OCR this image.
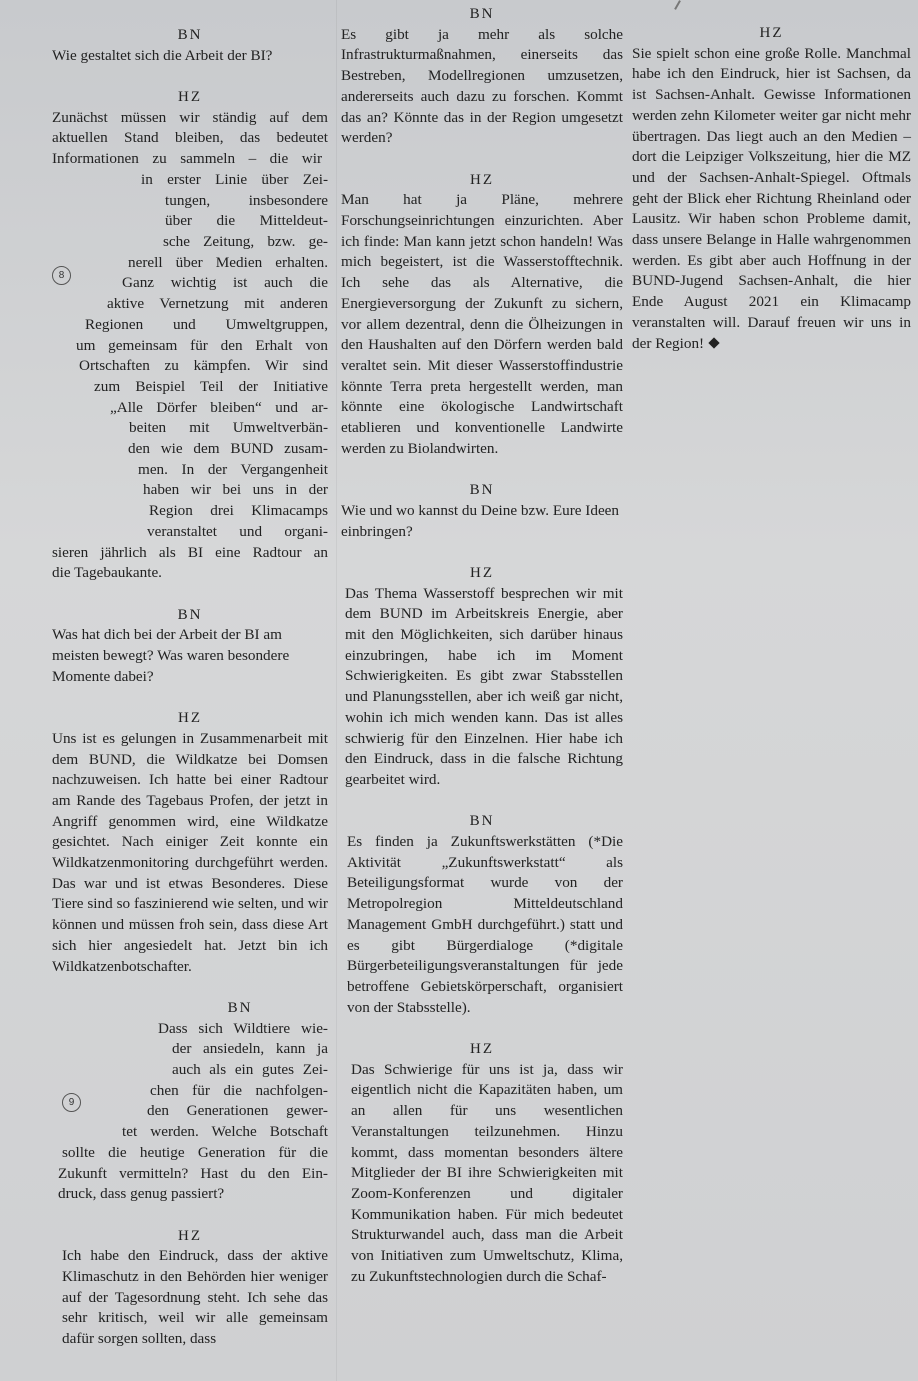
BN

Wie gestaltet sich die Arbeit der BI?

HZ

Zunächst müssen wir ständig auf dem

aktuellen Stand bleiben, das bedeutet

Informationen zu sammeln – die wir

in erster Linie über Zei-

tungen, insbesondere

über die Mitteldeut-

sche Zeitung, bzw. ge-

nerell über Medien erhalten.

Ganz wichtig ist auch die

aktive Vernetzung mit anderen

Regionen und Umweltgruppen,

um gemeinsam für den Erhalt von

Ortschaften zu kämpfen. Wir sind

zum Beispiel Teil der Initiative

„Alle Dörfer bleiben“ und ar-

beiten mit Umweltverbän-

den wie dem BUND zusam-

men. In der Vergangenheit

haben wir bei uns in der

Region drei Klimacamps

veranstaltet und organi-

8

sieren jährlich als BI eine Radtour an

die Tagebaukante.

BN

Was hat dich bei der Arbeit der BI am meisten bewegt? Was waren besondere Momente dabei?

HZ

Uns ist es gelungen in Zusammenarbeit mit dem BUND, die Wildkatze bei Domsen nachzuweisen. Ich hatte bei einer Radtour am Rande des Tagebaus Profen, der jetzt in Angriff genommen wird, eine Wildkatze gesichtet. Nach einiger Zeit konnte ein Wildkatzenmonitoring durchgeführt werden. Das war und ist etwas Besonderes. Diese Tiere sind so faszinierend wie selten, und wir können und müssen froh sein, dass diese Art sich hier angesiedelt hat. Jetzt bin ich Wildkatzenbotschafter.

BN

Dass sich Wildtiere wie-

der ansiedeln, kann ja

auch als ein gutes Zei-

chen für die nachfolgen-

den Generationen gewer-

tet werden. Welche Botschaft

9

sollte die heutige Generation für die

Zukunft vermitteln? Hast du den Ein-

druck, dass genug passiert?

HZ

Ich habe den Eindruck, dass der aktive Klimaschutz in den Behörden hier weniger auf der Tagesordnung steht. Ich sehe das sehr kritisch, weil wir alle gemeinsam dafür sorgen sollten, dass

BN

Es gibt ja mehr als solche Infrastrukturmaßnahmen, einerseits das Bestreben, Modellregionen umzusetzen, andererseits auch dazu zu forschen. Kommt das an? Könnte das in der Region umgesetzt werden?

HZ

Man hat ja Pläne, mehrere Forschungseinrichtungen einzurichten. Aber ich finde: Man kann jetzt schon handeln! Was mich begeistert, ist die Wasserstofftechnik. Ich sehe das als Alternative, die Energieversorgung der Zukunft zu sichern, vor allem dezentral, denn die Ölheizungen in den Haushalten auf den Dörfern werden bald veraltet sein. Mit dieser Wasserstoffindustrie könnte Terra preta hergestellt werden, man könnte eine ökologische Landwirtschaft etablieren und konventionelle Landwirte werden zu Biolandwirten.

BN

Wie und wo kannst du Deine bzw. Eure Ideen einbringen?

HZ

Das Thema Wasserstoff besprechen wir mit dem BUND im Arbeitskreis Energie, aber mit den Möglichkeiten, sich darüber hinaus einzubringen, habe ich im Moment Schwierigkeiten. Es gibt zwar Stabsstellen und Planungsstellen, aber ich weiß gar nicht, wohin ich mich wenden kann. Das ist alles schwierig für den Einzelnen. Hier habe ich den Eindruck, dass in die falsche Richtung gearbeitet wird.

BN

Es finden ja Zukunftswerkstätten (*Die Aktivität „Zukunftswerkstatt“ als Beteiligungsformat wurde von der Metropolregion Mitteldeutschland Management GmbH durchgeführt.) statt und es gibt Bürgerdialoge (*digitale Bürgerbeteiligungsveranstaltungen für jede betroffene Gebietskörperschaft, organisiert von der Stabsstelle).

HZ

Das Schwierige für uns ist ja, dass wir eigentlich nicht die Kapazitäten haben, um an allen für uns wesentlichen Veranstaltungen teilzunehmen. Hinzu kommt, dass momentan besonders ältere Mitglieder der BI ihre Schwierigkeiten mit Zoom-Konferenzen und digitaler Kommunikation haben. Für mich bedeutet Strukturwandel auch, dass man die Arbeit von Initiativen zum Umweltschutz, Klima, zu Zukunftstechnologien durch die Schaf-

HZ

Sie spielt schon eine große Rolle. Manchmal habe ich den Eindruck, hier ist Sachsen, da ist Sachsen-Anhalt. Gewisse Informationen werden zehn Kilometer weiter gar nicht mehr übertragen. Das liegt auch an den Medien – dort die Leipziger Volkszeitung, hier die MZ und der Sachsen-Anhalt-Spiegel. Oftmals geht der Blick eher Richtung Rheinland oder Lausitz. Wir haben schon Probleme damit, dass unsere Belange in Halle wahrgenommen werden. Es gibt aber auch Hoffnung in der BUND-Jugend Sachsen-Anhalt, die hier Ende August 2021 ein Klimacamp veranstalten will. Darauf freuen wir uns in der Region!
